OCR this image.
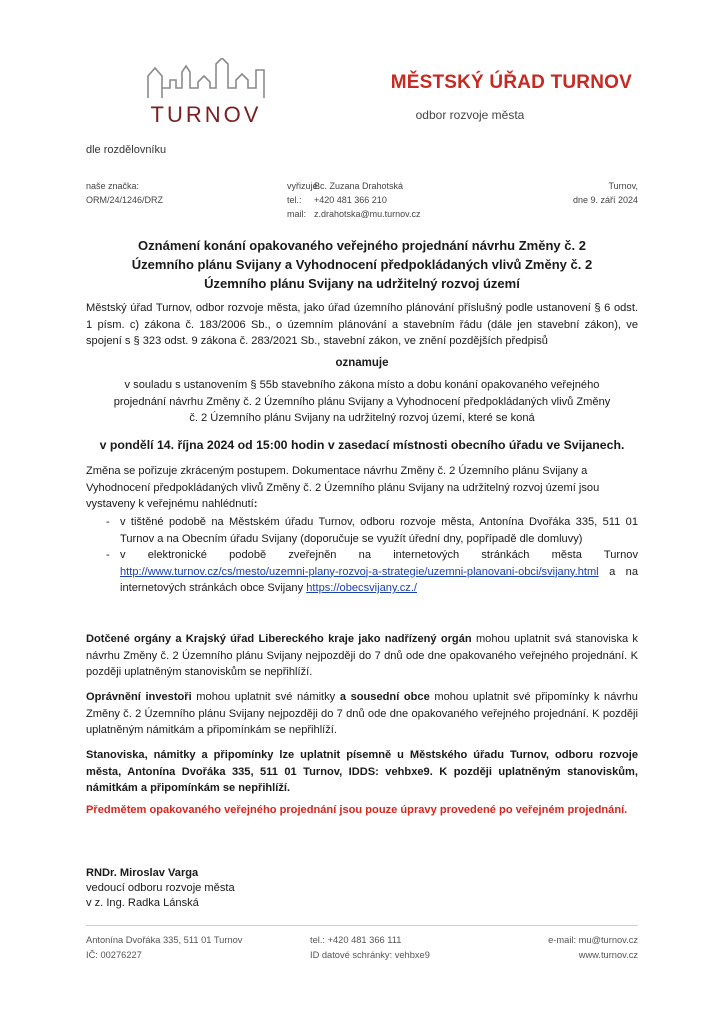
TURNOV
MĚSTSKÝ ÚŘAD TURNOV
odbor rozvoje města
dle rozdělovníku
naše značka:
ORM/24/1246/DRZ
vyřizuje:
tel.:
mail:
Bc. Zuzana Drahotská
+420 481 366 210
z.drahotska@mu.turnov.cz
Turnov,
dne 9. září 2024
Oznámení konání opakovaného veřejného projednání návrhu Změny č. 2
Územního plánu Svijany a Vyhodnocení předpokládaných vlivů Změny č. 2
Územního plánu Svijany na udržitelný rozvoj území
Městský úřad Turnov, odbor rozvoje města, jako úřad územního plánování příslušný podle ustanovení § 6 odst. 1 písm. c) zákona č. 183/2006 Sb., o územním plánování a stavebním řádu (dále jen stavební zákon), ve spojení s § 323 odst. 9 zákona č. 283/2021 Sb., stavební zákon, ve znění pozdějších předpisů
oznamuje
v souladu s ustanovením § 55b stavebního zákona místo a dobu konání opakovaného veřejného
projednání návrhu Změny č. 2 Územního plánu Svijany a Vyhodnocení předpokládaných vlivů Změny
č. 2 Územního plánu Svijany na udržitelný rozvoj území, které se koná
v pondělí 14. října 2024 od 15:00 hodin v zasedací místnosti obecního úřadu ve Svijanech.
Změna se pořizuje zkráceným postupem. Dokumentace návrhu Změny č. 2 Územního plánu Svijany a Vyhodnocení předpokládaných vlivů Změny č. 2 Územního plánu Svijany na udržitelný rozvoj území jsou vystaveny k veřejnému nahlédnutí:
- v tištěné podobě na Městském úřadu Turnov, odboru rozvoje města, Antonína Dvořáka 335, 511 01 Turnov a na Obecním úřadu Svijany (doporučuje se využít úřední dny, popřípadě dle domluvy)
- v elektronické podobě zveřejněn na internetových stránkách města Turnov http://www.turnov.cz/cs/mesto/uzemni-plany-rozvoj-a-strategie/uzemni-planovani-obci/svijany.html a na internetových stránkách obce Svijany https://obecsvijany.cz./
Dotčené orgány a Krajský úřad Libereckého kraje jako nadřízený orgán mohou uplatnit svá stanoviska k návrhu Změny č. 2 Územního plánu Svijany nejpozději do 7 dnů ode dne opakovaného veřejného projednání. K později uplatněným stanoviskům se nepřihlíží.
Oprávnění investoři mohou uplatnit své námitky a sousední obce mohou uplatnit své připomínky k návrhu Změny č. 2 Územního plánu Svijany nejpozději do 7 dnů ode dne opakovaného veřejného projednání. K později uplatněným námitkám a připomínkám se nepřihlíží.
Stanoviska, námitky a připomínky lze uplatnit písemně u Městského úřadu Turnov, odboru rozvoje města, Antonína Dvořáka 335, 511 01 Turnov, IDDS: vehbxe9. K později uplatněným stanoviskům, námitkám a připomínkám se nepřihlíží.
Předmětem opakovaného veřejného projednání jsou pouze úpravy provedené po veřejném projednání.
RNDr. Miroslav Varga
vedoucí odboru rozvoje města
v z. Ing. Radka Lánská
Antonína Dvořáka 335, 511 01 Turnov
IČ: 00276227
tel.: +420 481 366 111
ID datové schránky: vehbxe9
e-mail: mu@turnov.cz
www.turnov.cz
